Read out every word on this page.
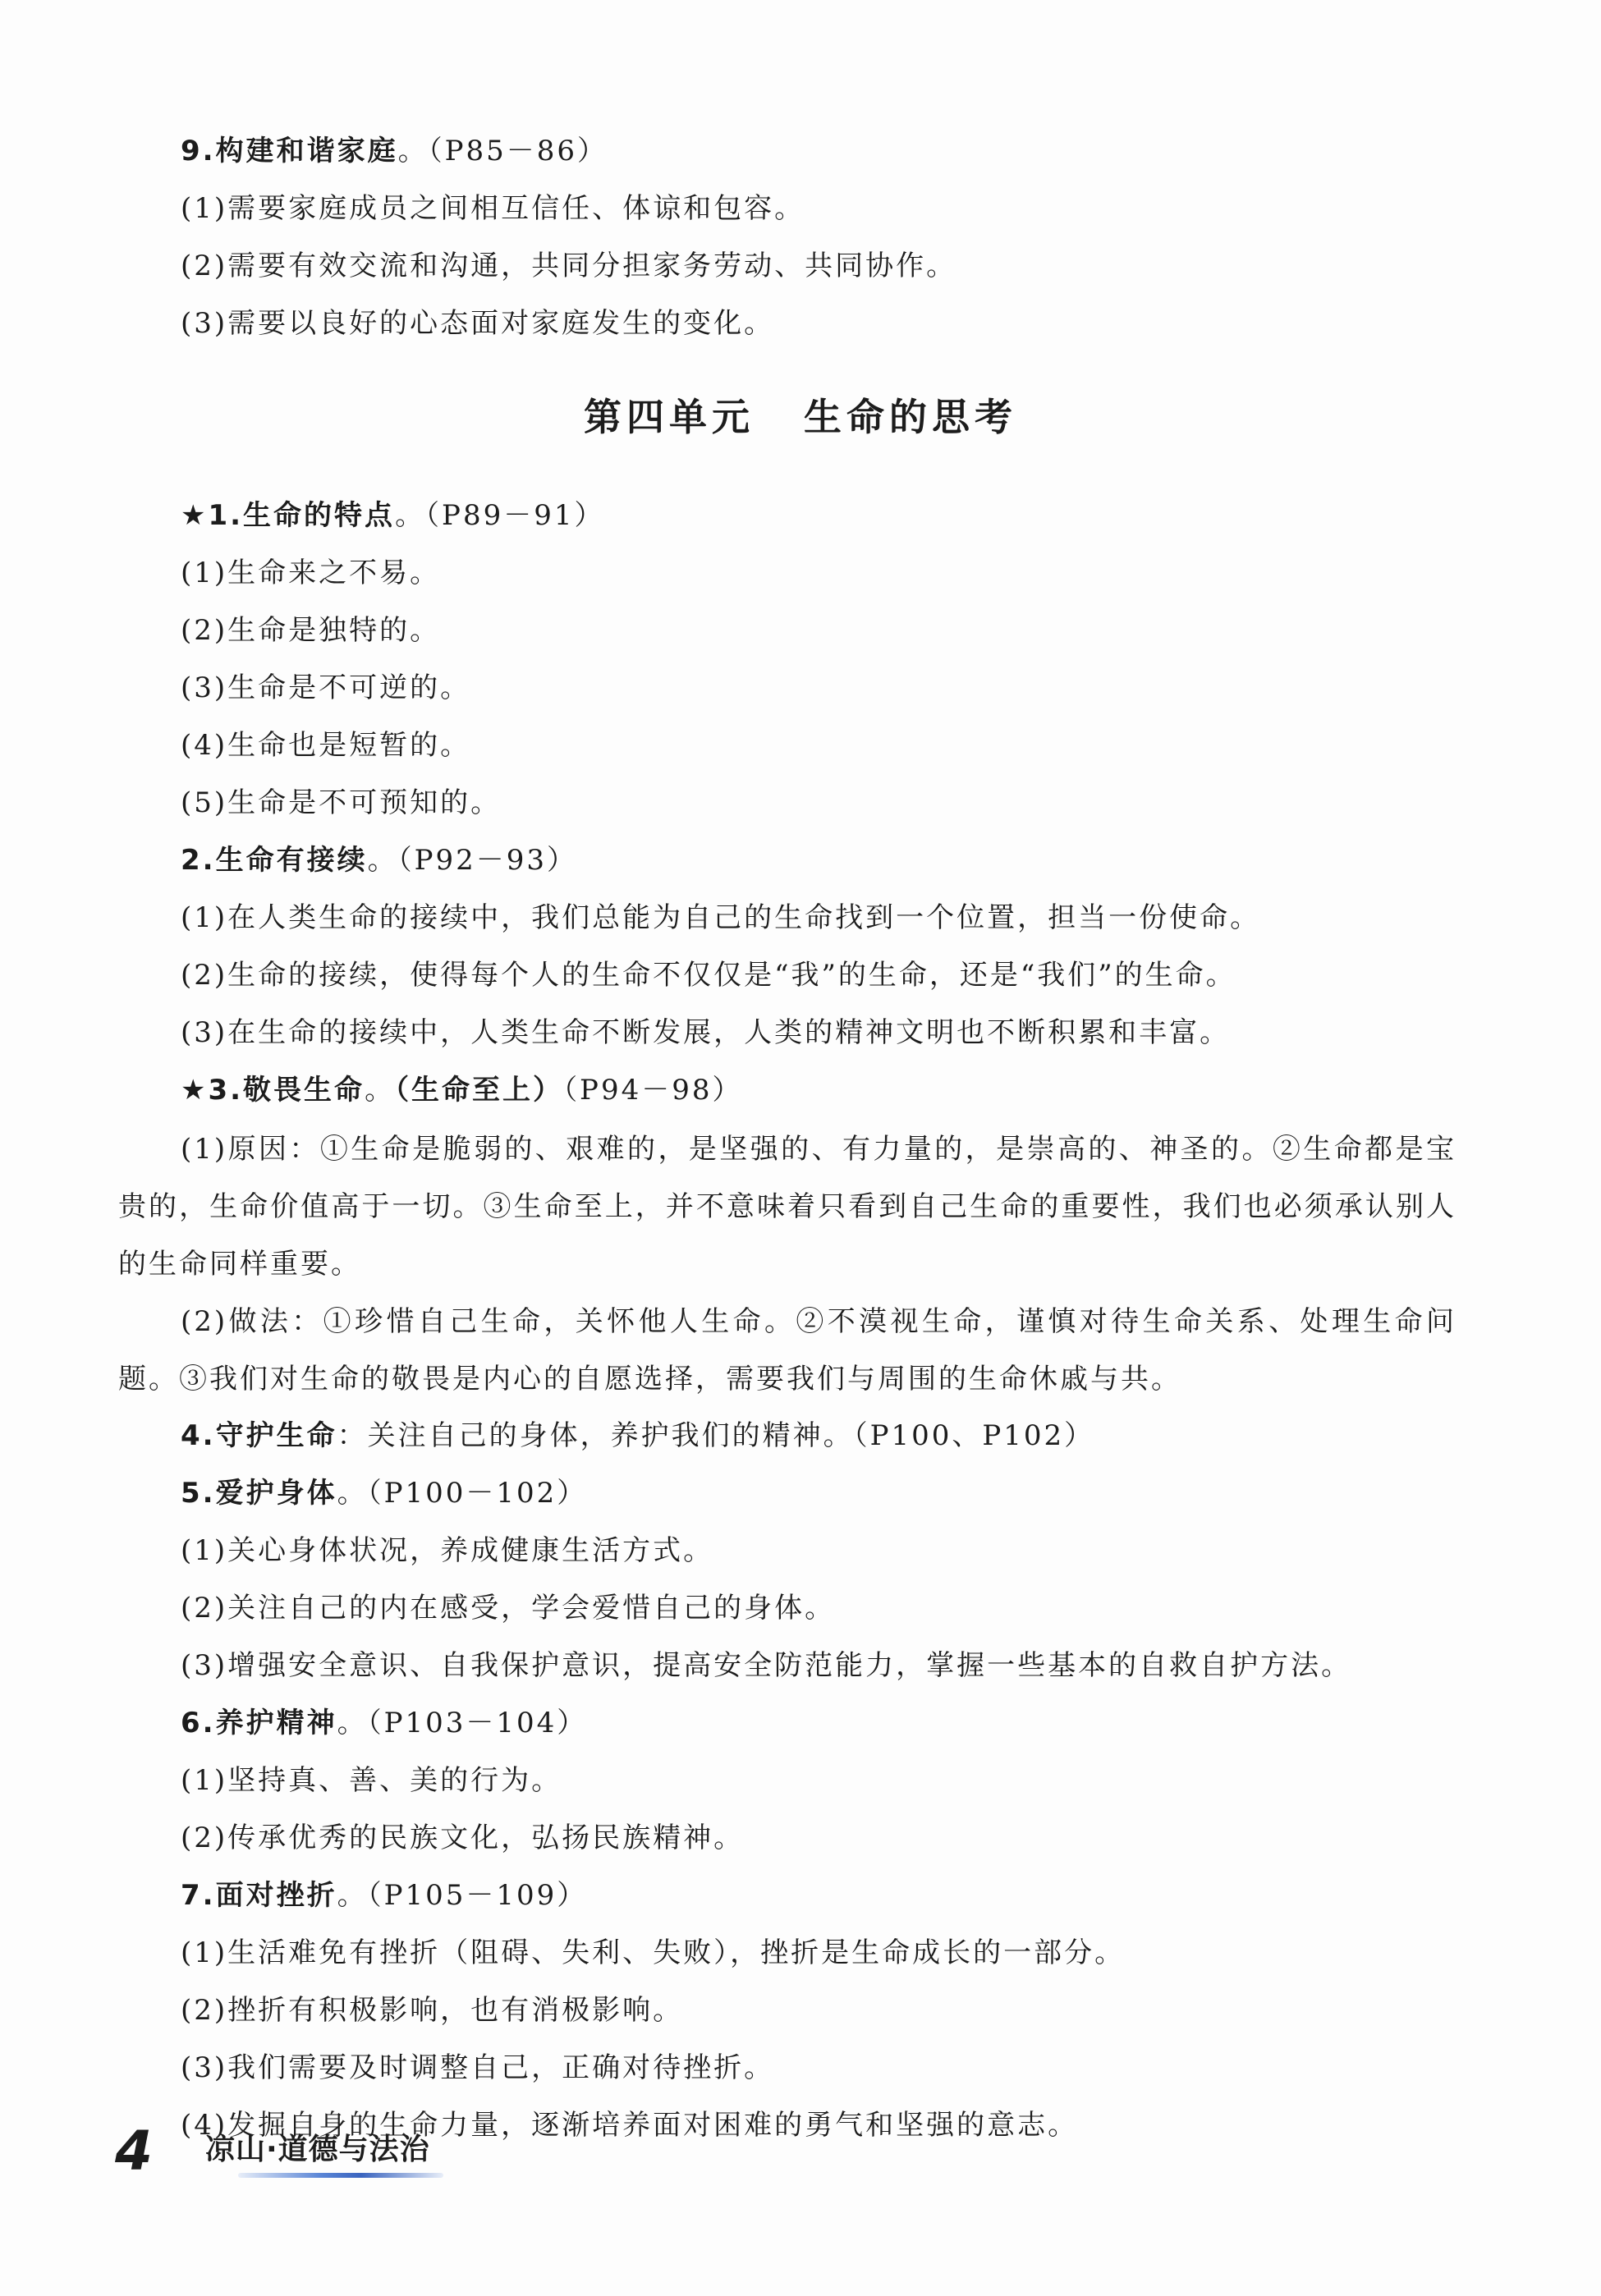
9.构建和谐家庭。（P85－86）
(1)需要家庭成员之间相互信任、体谅和包容。
(2)需要有效交流和沟通，共同分担家务劳动、共同协作。
(3)需要以良好的心态面对家庭发生的变化。
第四单元 生命的思考
★1.生命的特点。（P89－91）
(1)生命来之不易。
(2)生命是独特的。
(3)生命是不可逆的。
(4)生命也是短暂的。
(5)生命是不可预知的。
2.生命有接续。（P92－93）
(1)在人类生命的接续中，我们总能为自己的生命找到一个位置，担当一份使命。
(2)生命的接续，使得每个人的生命不仅仅是“我”的生命，还是“我们”的生命。
(3)在生命的接续中，人类生命不断发展，人类的精神文明也不断积累和丰富。
★3.敬畏生命。（生命至上）（P94－98）
(1)原因：①生命是脆弱的、艰难的，是坚强的、有力量的，是崇高的、神圣的。②生命都是宝贵的，生命价值高于一切。③生命至上，并不意味着只看到自己生命的重要性，我们也必须承认别人的生命同样重要。
(2)做法：①珍惜自己生命，关怀他人生命。②不漠视生命，谨慎对待生命关系、处理生命问题。③我们对生命的敬畏是内心的自愿选择，需要我们与周围的生命休戚与共。
4.守护生命：关注自己的身体，养护我们的精神。（P100、P102）
5.爱护身体。（P100－102）
(1)关心身体状况，养成健康生活方式。
(2)关注自己的内在感受，学会爱惜自己的身体。
(3)增强安全意识、自我保护意识，提高安全防范能力，掌握一些基本的自救自护方法。
6.养护精神。（P103－104）
(1)坚持真、善、美的行为。
(2)传承优秀的民族文化，弘扬民族精神。
7.面对挫折。（P105－109）
(1)生活难免有挫折（阻碍、失利、失败），挫折是生命成长的一部分。
(2)挫折有积极影响，也有消极影响。
(3)我们需要及时调整自己，正确对待挫折。
(4)发掘自身的生命力量，逐渐培养面对困难的勇气和坚强的意志。
4 凉山·道德与法治
